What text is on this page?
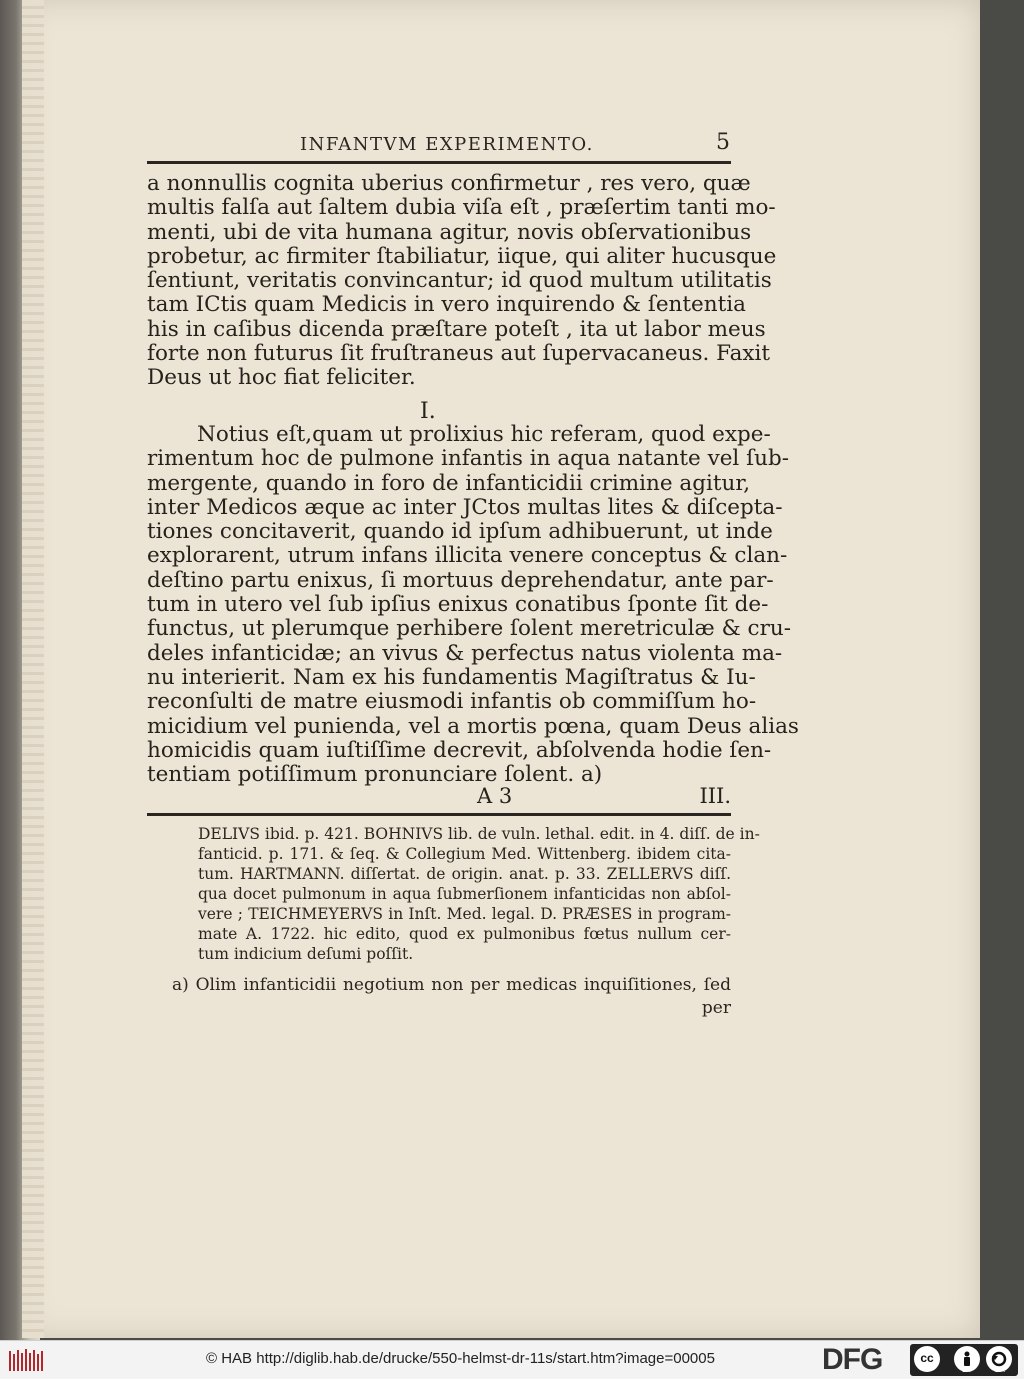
INFANTVM EXPERIMENTO.	5
a nonnullis cognita uberius confirmetur , res vero, quæ
multis falſa aut ſaltem dubia viſa eſt , præſertim tanti mo-
menti, ubi de vita humana agitur, novis obſervationibus
probetur, ac firmiter ſtabiliatur, iique, qui aliter hucusque
ſentiunt, veritatis convincantur; id quod multum utilitatis
tam ICtis quam Medicis in vero inquirendo & ſententia
his in caſibus dicenda præſtare poteſt , ita ut labor meus
forte non futurus ſit fruſtraneus aut ſupervacaneus. Faxit
Deus ut hoc fiat feliciter.
I.
Notius eſt,quam ut prolixius hic referam, quod expe-
rimentum hoc de pulmone infantis in aqua natante vel ſub-
mergente, quando in foro de infanticidii crimine agitur,
inter Medicos æque ac inter JCtos multas lites & diſcepta-
tiones concitaverit, quando id ipſum adhibuerunt, ut inde
explorarent, utrum infans illicita venere conceptus & clan-
deſtino partu enixus, ſi mortuus deprehendatur, ante par-
tum in utero vel ſub ipſius enixus conatibus ſponte ſit de-
functus, ut plerumque perhibere ſolent meretriculæ & cru-
deles infanticidæ; an vivus & perfectus natus violenta ma-
nu interierit. Nam ex his fundamentis Magiſtratus & Iu-
reconſulti de matre eiusmodi infantis ob commiſſum ho-
micidium vel punienda, vel a mortis pœna, quam Deus alias
homicidis quam iuſtiſſime decrevit, abſolvenda hodie ſen-
tentiam potiſſimum pronunciare ſolent. a)
A 3	III.
DELIVS ibid. p. 421. BOHNIVS lib. de vuln. lethal. edit. in 4. diſſ. de in-
fanticid. p. 171. & ſeq. & Collegium Med. Wittenberg. ibidem cita-
tum. HARTMANN. diſſertat. de origin. anat. p. 33. ZELLERVS diſſ.
qua docet pulmonum in aqua ſubmerſionem infanticidas non abſol-
vere ; TEICHMEYERVS in Inſt. Med. legal. D. PRÆSES in program-
mate A. 1722. hic edito, quod ex pulmonibus fœtus nullum cer-
tum indicium deſumi poſſit.
a) Olim infanticidii negotium non per medicas inquiſitiones, ſed
per
© HAB http://diglib.hab.de/drucke/550-helmst-dr-11s/start.htm?image=00005	DFG	cc
BY	SA
